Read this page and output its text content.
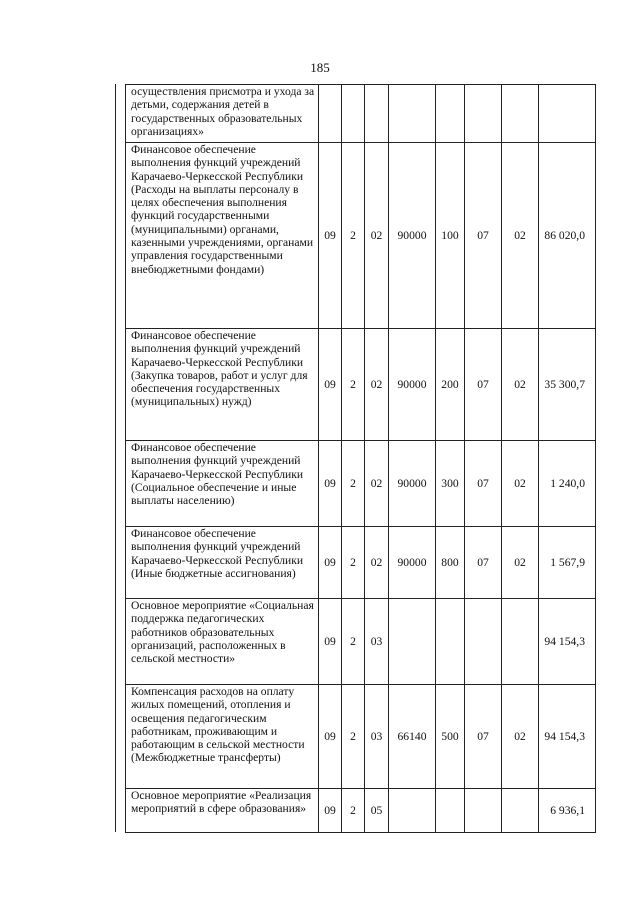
185
осуществления присмотра и ухода за детьми, содержания детей в государственных образовательных организациях»								
Финансовое обеспечение выполнения функций учреждений Карачаево-Черкесской Республики (Расходы на выплаты персоналу в целях обеспечения выполнения функций государственными (муниципальными) органами, казенными учреждениями, органами управления государственными внебюджетными фондами)	09	2	02	90000	100	07	02	86 020,0
Финансовое обеспечение выполнения функций учреждений Карачаево-Черкесской Республики (Закупка товаров, работ и услуг для обеспечения государственных (муниципальных) нужд)	09	2	02	90000	200	07	02	35 300,7
Финансовое обеспечение выполнения функций учреждений Карачаево-Черкесской Республики (Социальное обеспечение и иные выплаты населению)	09	2	02	90000	300	07	02	1 240,0
Финансовое обеспечение выполнения функций учреждений Карачаево-Черкесской Республики (Иные бюджетные ассигнования)	09	2	02	90000	800	07	02	1 567,9
Основное мероприятие «Социальная поддержка педагогических работников образовательных организаций, расположенных в сельской местности»	09	2	03					94 154,3
Компенсация расходов на оплату жилых помещений, отопления и освещения педагогическим работникам, проживающим и работающим в сельской местности (Межбюджетные трансферты)	09	2	03	66140	500	07	02	94 154,3
Основное мероприятие «Реализация мероприятий в сфере образования»	09	2	05					6 936,1
